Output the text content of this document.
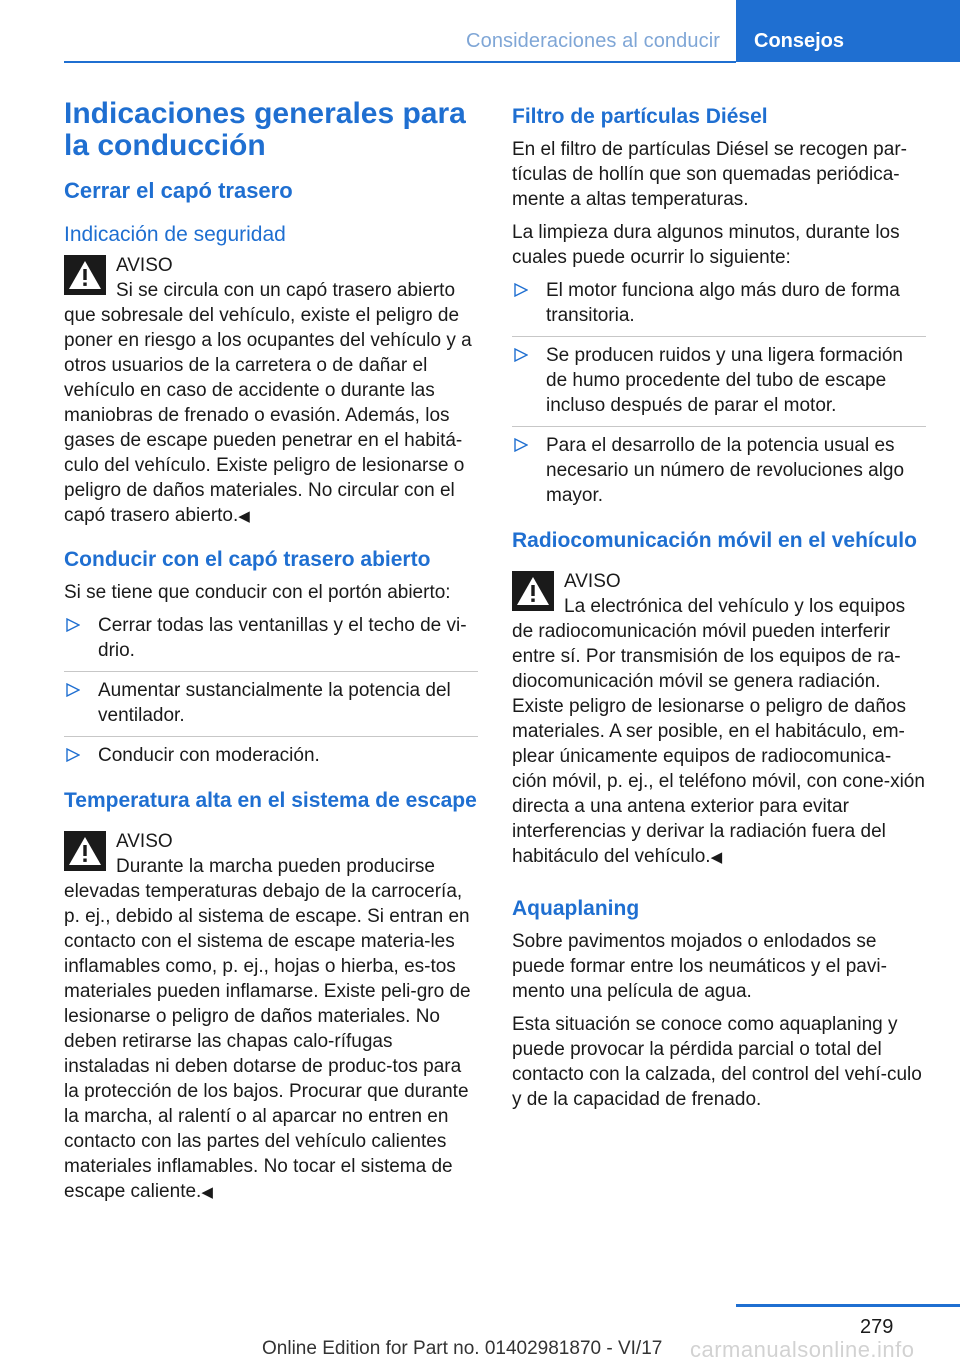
Consideraciones al conducir Consejos
Indicaciones generales para la conducción
Cerrar el capó trasero
Indicación de seguridad
AVISO
Si se circula con un capó trasero abierto que sobresale del vehículo, existe el peligro de poner en riesgo a los ocupantes del vehículo y a otros usuarios de la carretera o de dañar el vehículo en caso de accidente o durante las maniobras de frenado o evasión. Además, los gases de escape pueden penetrar en el habitá‐culo del vehículo. Existe peligro de lesionarse o peligro de daños materiales. No circular con el capó trasero abierto.◀
Conducir con el capó trasero abierto

Si se tiene que conducir con el portón abierto:

Cerrar todas las ventanillas y el techo de vi‐drio.
Aumentar sustancialmente la potencia del ventilador.
Conducir con moderación.
Temperatura alta en el sistema de escape
AVISO
Durante la marcha pueden producirse elevadas temperaturas debajo de la carrocería, p. ej., debido al sistema de escape. Si entran en contacto con el sistema de escape materia‐les inflamables como, p. ej., hojas o hierba, es‐tos materiales pueden inflamarse. Existe peli‐gro de lesionarse o peligro de daños materiales. No deben retirarse las chapas calo‐rífugas instaladas ni deben dotarse de produc‐tos para la protección de los bajos. Procurar que durante la marcha, al ralentí o al aparcar no entren en contacto con las partes del vehículo calientes materiales inflamables. No tocar el sistema de escape caliente.◀
Filtro de partículas Diésel

En el filtro de partículas Diésel se recogen par‐tículas de hollín que son quemadas periódica‐mente a altas temperaturas.

La limpieza dura algunos minutos, durante los cuales puede ocurrir lo siguiente:

El motor funciona algo más duro de forma transitoria.
Se producen ruidos y una ligera formación de humo procedente del tubo de escape incluso después de parar el motor.
Para el desarrollo de la potencia usual es necesario un número de revoluciones algo mayor.
Radiocomunicación móvil en el vehículo
AVISO
La electrónica del vehículo y los equipos de radiocomunicación móvil pueden interferir entre sí. Por transmisión de los equipos de ra‐diocomunicación móvil se genera radiación. Existe peligro de lesionarse o peligro de daños materiales. A ser posible, en el habitáculo, em‐plear únicamente equipos de radiocomunica‐ción móvil, p. ej., el teléfono móvil, con cone‐xión directa a una antena exterior para evitar interferencias y derivar la radiación fuera del habitáculo del vehículo.◀
Aquaplaning

Sobre pavimentos mojados o enlodados se puede formar entre los neumáticos y el pavi‐mento una película de agua.

Esta situación se conoce como aquaplaning y puede provocar la pérdida parcial o total del contacto con la calzada, del control del vehí‐culo y de la capacidad de frenado.

279
Online Edition for Part no. 01402981870 - VI/17 carmanualsonline.info
